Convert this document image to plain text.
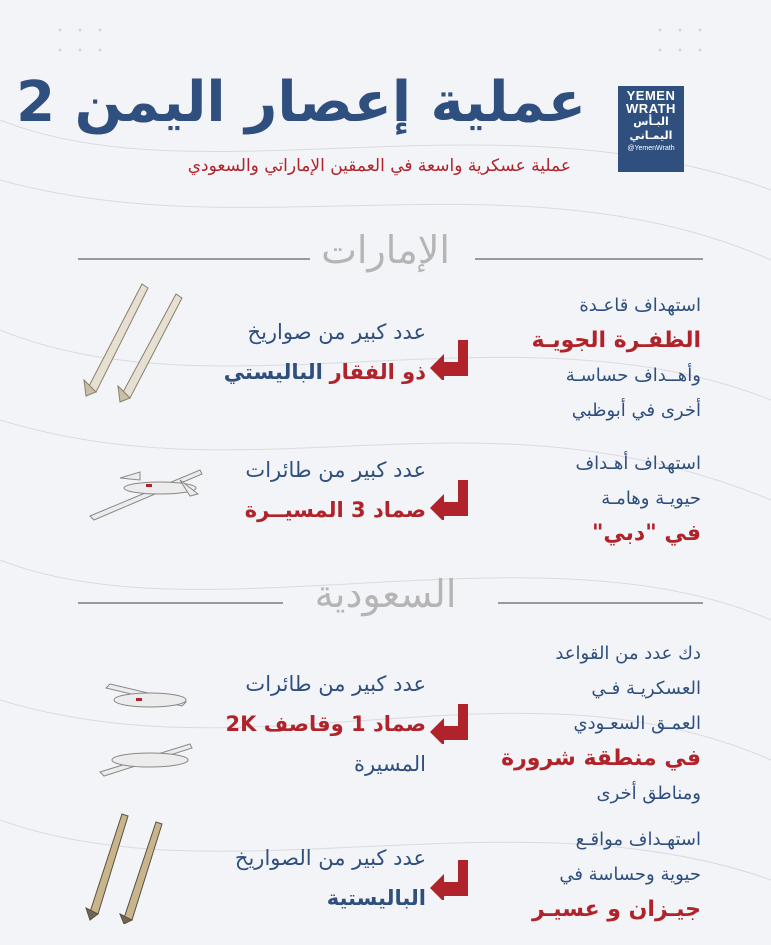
YEMEN
WRATH
البـأس
اليمـاني
@YemenWrath
عملية إعصار اليمن 2
عملية عسكرية واسعة في العمقين الإماراتي والسعودي
الإمارات
استهداف قاعـدة
الظفـرة الجويـة
وأهــداف حساسـة
أخرى في أبوظبي
عدد كبير من صواريخ
ذو الفقار الباليستي
استهداف أهـداف
حيويـة وهامـة
في "دبي"
عدد كبير من طائرات
صماد 3 المسيــرة
السعودية
دك عدد من القواعد
العسكريـة فـي
العمـق السعـودي
في منطقة شرورة
ومناطق أخرى
عدد كبير من طائرات
صماد 1 وقاصف 2K
المسيرة
استهـداف مواقـع
حيوية وحساسة في
جيـزان و عسيـر
عدد كبير من الصواريخ
الباليستية
